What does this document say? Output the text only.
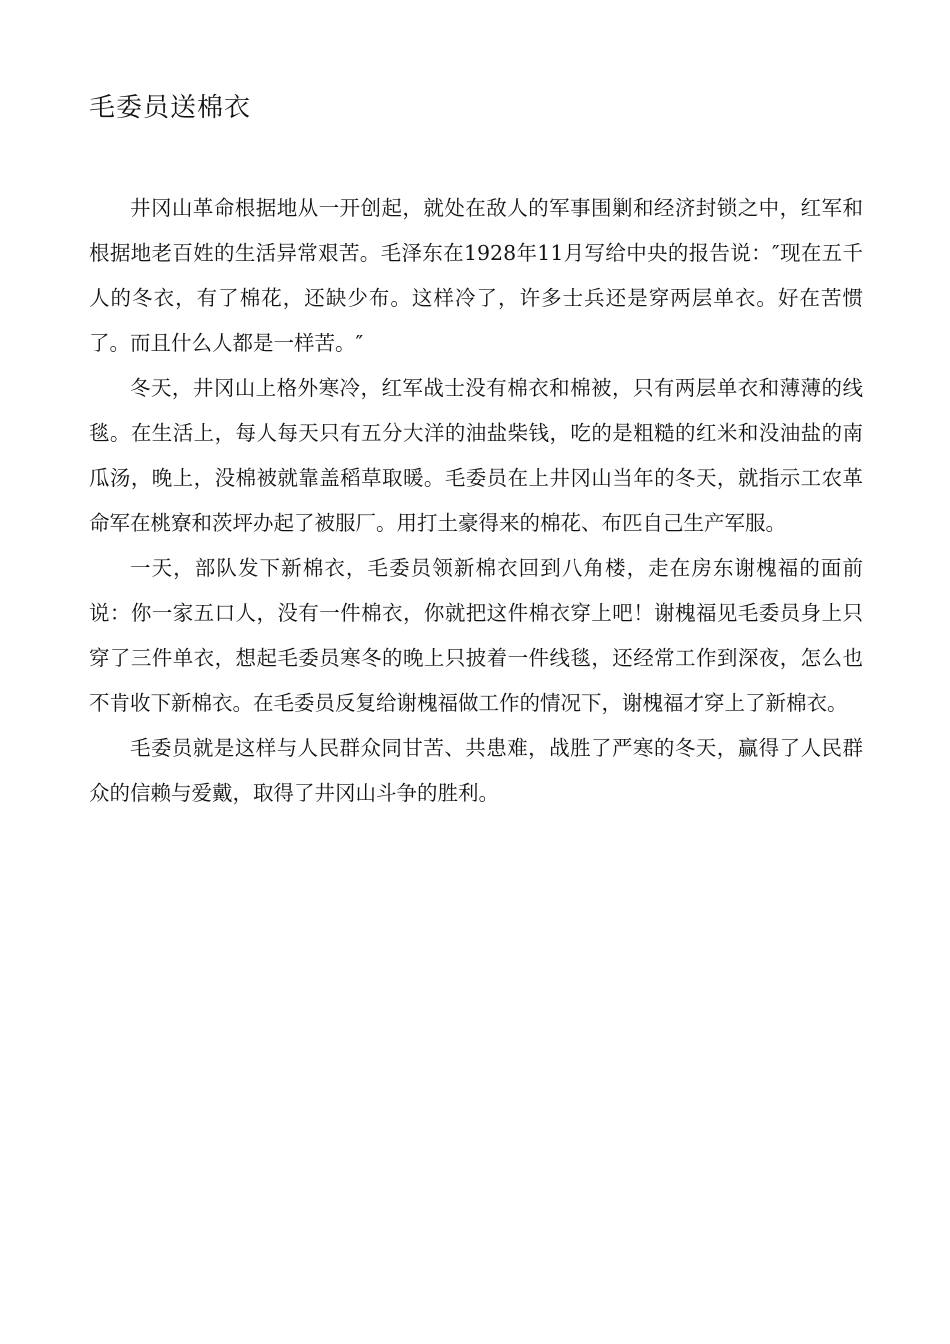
毛委员送棉衣

井冈山革命根据地从一开创起，就处在敌人的军事围剿和经济封锁之中，红军和根据地老百姓的生活异常艰苦。毛泽东在1928年11月写给中央的报告说：″现在五千人的冬衣，有了棉花，还缺少布。这样冷了，许多士兵还是穿两层单衣。好在苦惯了。而且什么人都是一样苦。″

冬天，井冈山上格外寒冷，红军战士没有棉衣和棉被，只有两层单衣和薄薄的线毯。在生活上，每人每天只有五分大洋的油盐柴钱，吃的是粗糙的红米和没油盐的南瓜汤，晚上，没棉被就靠盖稻草取暖。毛委员在上井冈山当年的冬天，就指示工农革命军在桃寮和茨坪办起了被服厂。用打土豪得来的棉花、布匹自己生产军服。

一天，部队发下新棉衣，毛委员领新棉衣回到八角楼，走在房东谢槐福的面前说：你一家五口人，没有一件棉衣，你就把这件棉衣穿上吧！谢槐福见毛委员身上只穿了三件单衣，想起毛委员寒冬的晚上只披着一件线毯，还经常工作到深夜，怎么也不肯收下新棉衣。在毛委员反复给谢槐福做工作的情况下，谢槐福才穿上了新棉衣。

毛委员就是这样与人民群众同甘苦、共患难，战胜了严寒的冬天，赢得了人民群众的信赖与爱戴，取得了井冈山斗争的胜利。
